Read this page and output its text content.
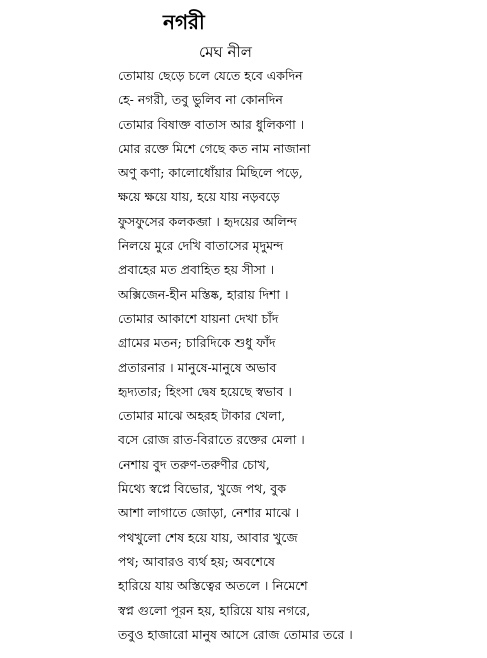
নগরী
মেঘ নীল
তোমায় ছেড়ে চলে যেতে হবে একদিন
হে- নগরী, তবু ভুলিব না কোনদিন
তোমার বিষাক্ত বাতাস আর ধুলিকণা ।
মোর রক্তে মিশে গেছে কত নাম নাজানা
অণু কণা; কালোধোঁয়ার মিছিলে পড়ে,
ক্ষয়ে ক্ষয়ে যায়, হয়ে যায় নড়বড়ে
ফুসফুসের কলকব্জা । হৃদয়ের অলিন্দ
নিলয়ে মুরে দেখি বাতাসের মৃদুমন্দ
প্রবাহের মত প্রবাহিত হয় সীসা ।
অক্সিজেন-হীন মস্তিষ্ক, হারায় দিশা ।
তোমার আকাশে যায়না দেখা চাঁদ
গ্রামের মতন; চারিদিকে শুধু ফাঁদ
প্রতারনার । মানুষে-মানুষে অভাব
হৃদ্যতার; হিংসা দ্বেষ হয়েছে স্বভাব ।
তোমার মাঝে অহরহ টাকার খেলা,
বসে রোজ রাত-বিরাতে রক্তের মেলা ।
নেশায় বুদ তরুণ-তরুণীর চোখ,
মিথ্যে স্বপ্নে বিভোর, খুজে পথ, বুক
আশা লাগাতে জোড়া, নেশার মাঝে ।
পথখুলো শেষ হয়ে যায়, আবার খুজে
পথ; আবারও ব্যর্থ হয়; অবশেষে
হারিয়ে যায় অস্তিত্বের অতলে । নিমেশে
স্বপ্ন গুলো পূরন হয়, হারিয়ে যায় নগরে,
তবুও হাজারো মানুষ আসে রোজ তোমার তরে ।
